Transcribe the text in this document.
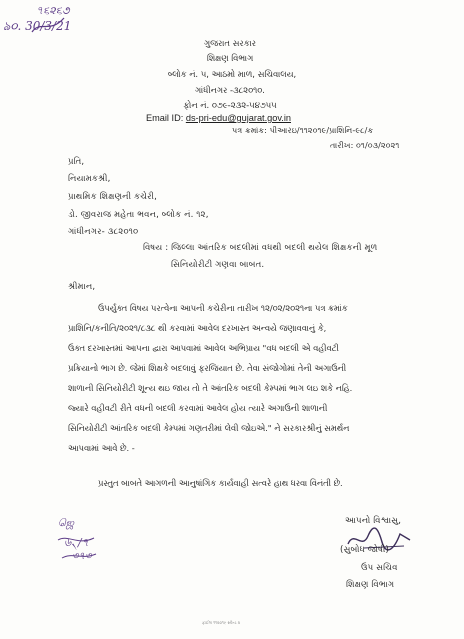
৭૬૨૬૭
ঌ૦. 30/3/21
ગુજરાત સરકાર
શિક્ષણ વિભાગ
બ્લોક નં. ૫, આઠમો માળ, સચિવાલય,
ગાંધીનગર -૩૮૨૦૧૦.
ફોન નં. ૦૭૯-૨૩૨-૫૪૭૫૫
Email ID: ds-pri-edu@gujarat.gov.in
પત્ર ક્રમાંક: પીઆરઇ/૧૧૨૦૧૯/પ્રાશિનિ-૯૮/ક
તારીખ: ૦૧/૦૩/૨૦૨૧
પ્રતિ,
નિયામકશ્રી,
પ્રાથમિક શિક્ષણની કચેરી,
ડો. જીવરાજ મહેતા ભવન, બ્લોક નં. ૧૨,
ગાંધીનગર- ૩૮૨૦૧૦
વિષય : જિલ્લા આંતરિક બદલીમાં વધથી બદલી થયેલ શિક્ષકની મૂળ
સિનિયોરીટી ગણવા બાબત.
શ્રીમાન,
ઉપર્યુક્ત વિષય પરત્વેના આપની કચેરીના તારીખ ૧૨/૦૨/૨૦૨૧ના પત્ર ક્રમાંક
પ્રાશિનિ/કનીતિ/૨૦૨૧/૮૩૮ થી કરવામાં આવેલ દરખાસ્ત અન્વયે જણાવવાનું કે,
ઉક્ત દરખાસ્તમાં આપના દ્વારા આપવામાં આવેલ અભિપ્રાય "વધ બદલી એ વહીવટી
પ્રક્રિયાનો ભાગ છે. જેમાં શિક્ષકે બદલાવું ફરજિયાત છે. તેવા સંજોગોમાં તેની અગાઉની
શાળાની સિનિયોરીટી શૂન્ય થઇ જાય તો તે આંતરિક બદલી કેમ્પમાં ભાગ લઇ શકે નહિ.
જ્યારે વહીવટી રીતે વધની બદલી કરવામાં આવેલ હોય ત્યારે અગાઉની શાળાની
સિનિયોરીટી આંતરિક બદલી કેમ્પમાં ગણતરીમાં લેવી જોઇએ." ને સરકારશ્રીનું સમર્થન
આપવામાં આવે છે. -
પ્રસ્તુત બાબતે આગળની આનુષાંગિક કાર્યવાહી સત્વરે હાથ ધરવા વિનંતી છે.
ஜெ
৬৲/৭
৩৭৩
આપનો વિશ્વાસુ,
(સુબોધ જોષી)
ઉપ સચિવ
શિક્ષણ વિભાગ
ફાઈલ ૧૧૨૦૧૯ સ્કેન્ડ ૨
